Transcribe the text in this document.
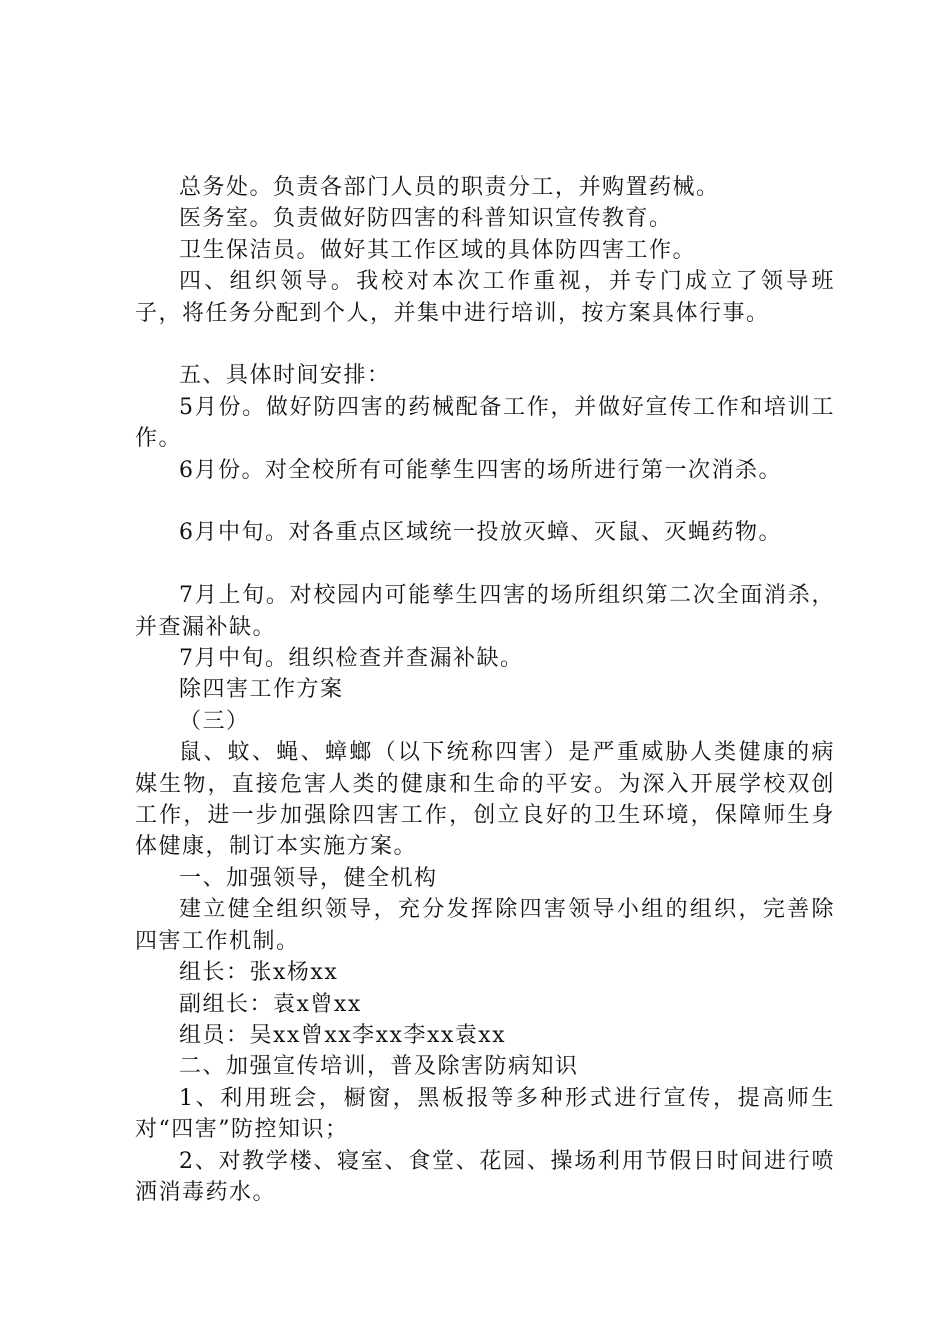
总务处。负责各部门人员的职责分工，并购置药械。

医务室。负责做好防四害的科普知识宣传教育。

卫生保洁员。做好其工作区域的具体防四害工作。

四、组织领导。我校对本次工作重视，并专门成立了领导班子，将任务分配到个人，并集中进行培训，按方案具体行事。

五、具体时间安排：

5月份。做好防四害的药械配备工作，并做好宣传工作和培训工作。

6月份。对全校所有可能孳生四害的场所进行第一次消杀。

6月中旬。对各重点区域统一投放灭蟑、灭鼠、灭蝇药物。

7月上旬。对校园内可能孳生四害的场所组织第二次全面消杀，并查漏补缺。

7月中旬。组织检查并查漏补缺。

除四害工作方案

（三）

鼠、蚊、蝇、蟑螂（以下统称四害）是严重威胁人类健康的病媒生物，直接危害人类的健康和生命的平安。为深入开展学校双创工作，进一步加强除四害工作，创立良好的卫生环境，保障师生身体健康，制订本实施方案。

一、加强领导，健全机构

建立健全组织领导，充分发挥除四害领导小组的组织，完善除四害工作机制。

组长：张x杨xx

副组长：袁x曾xx

组员：吴xx曾xx李xx李xx袁xx

二、加强宣传培训，普及除害防病知识

1、利用班会，橱窗，黑板报等多种形式进行宣传，提高师生对“四害”防控知识；

2、对教学楼、寝室、食堂、花园、操场利用节假日时间进行喷洒消毒药水。
